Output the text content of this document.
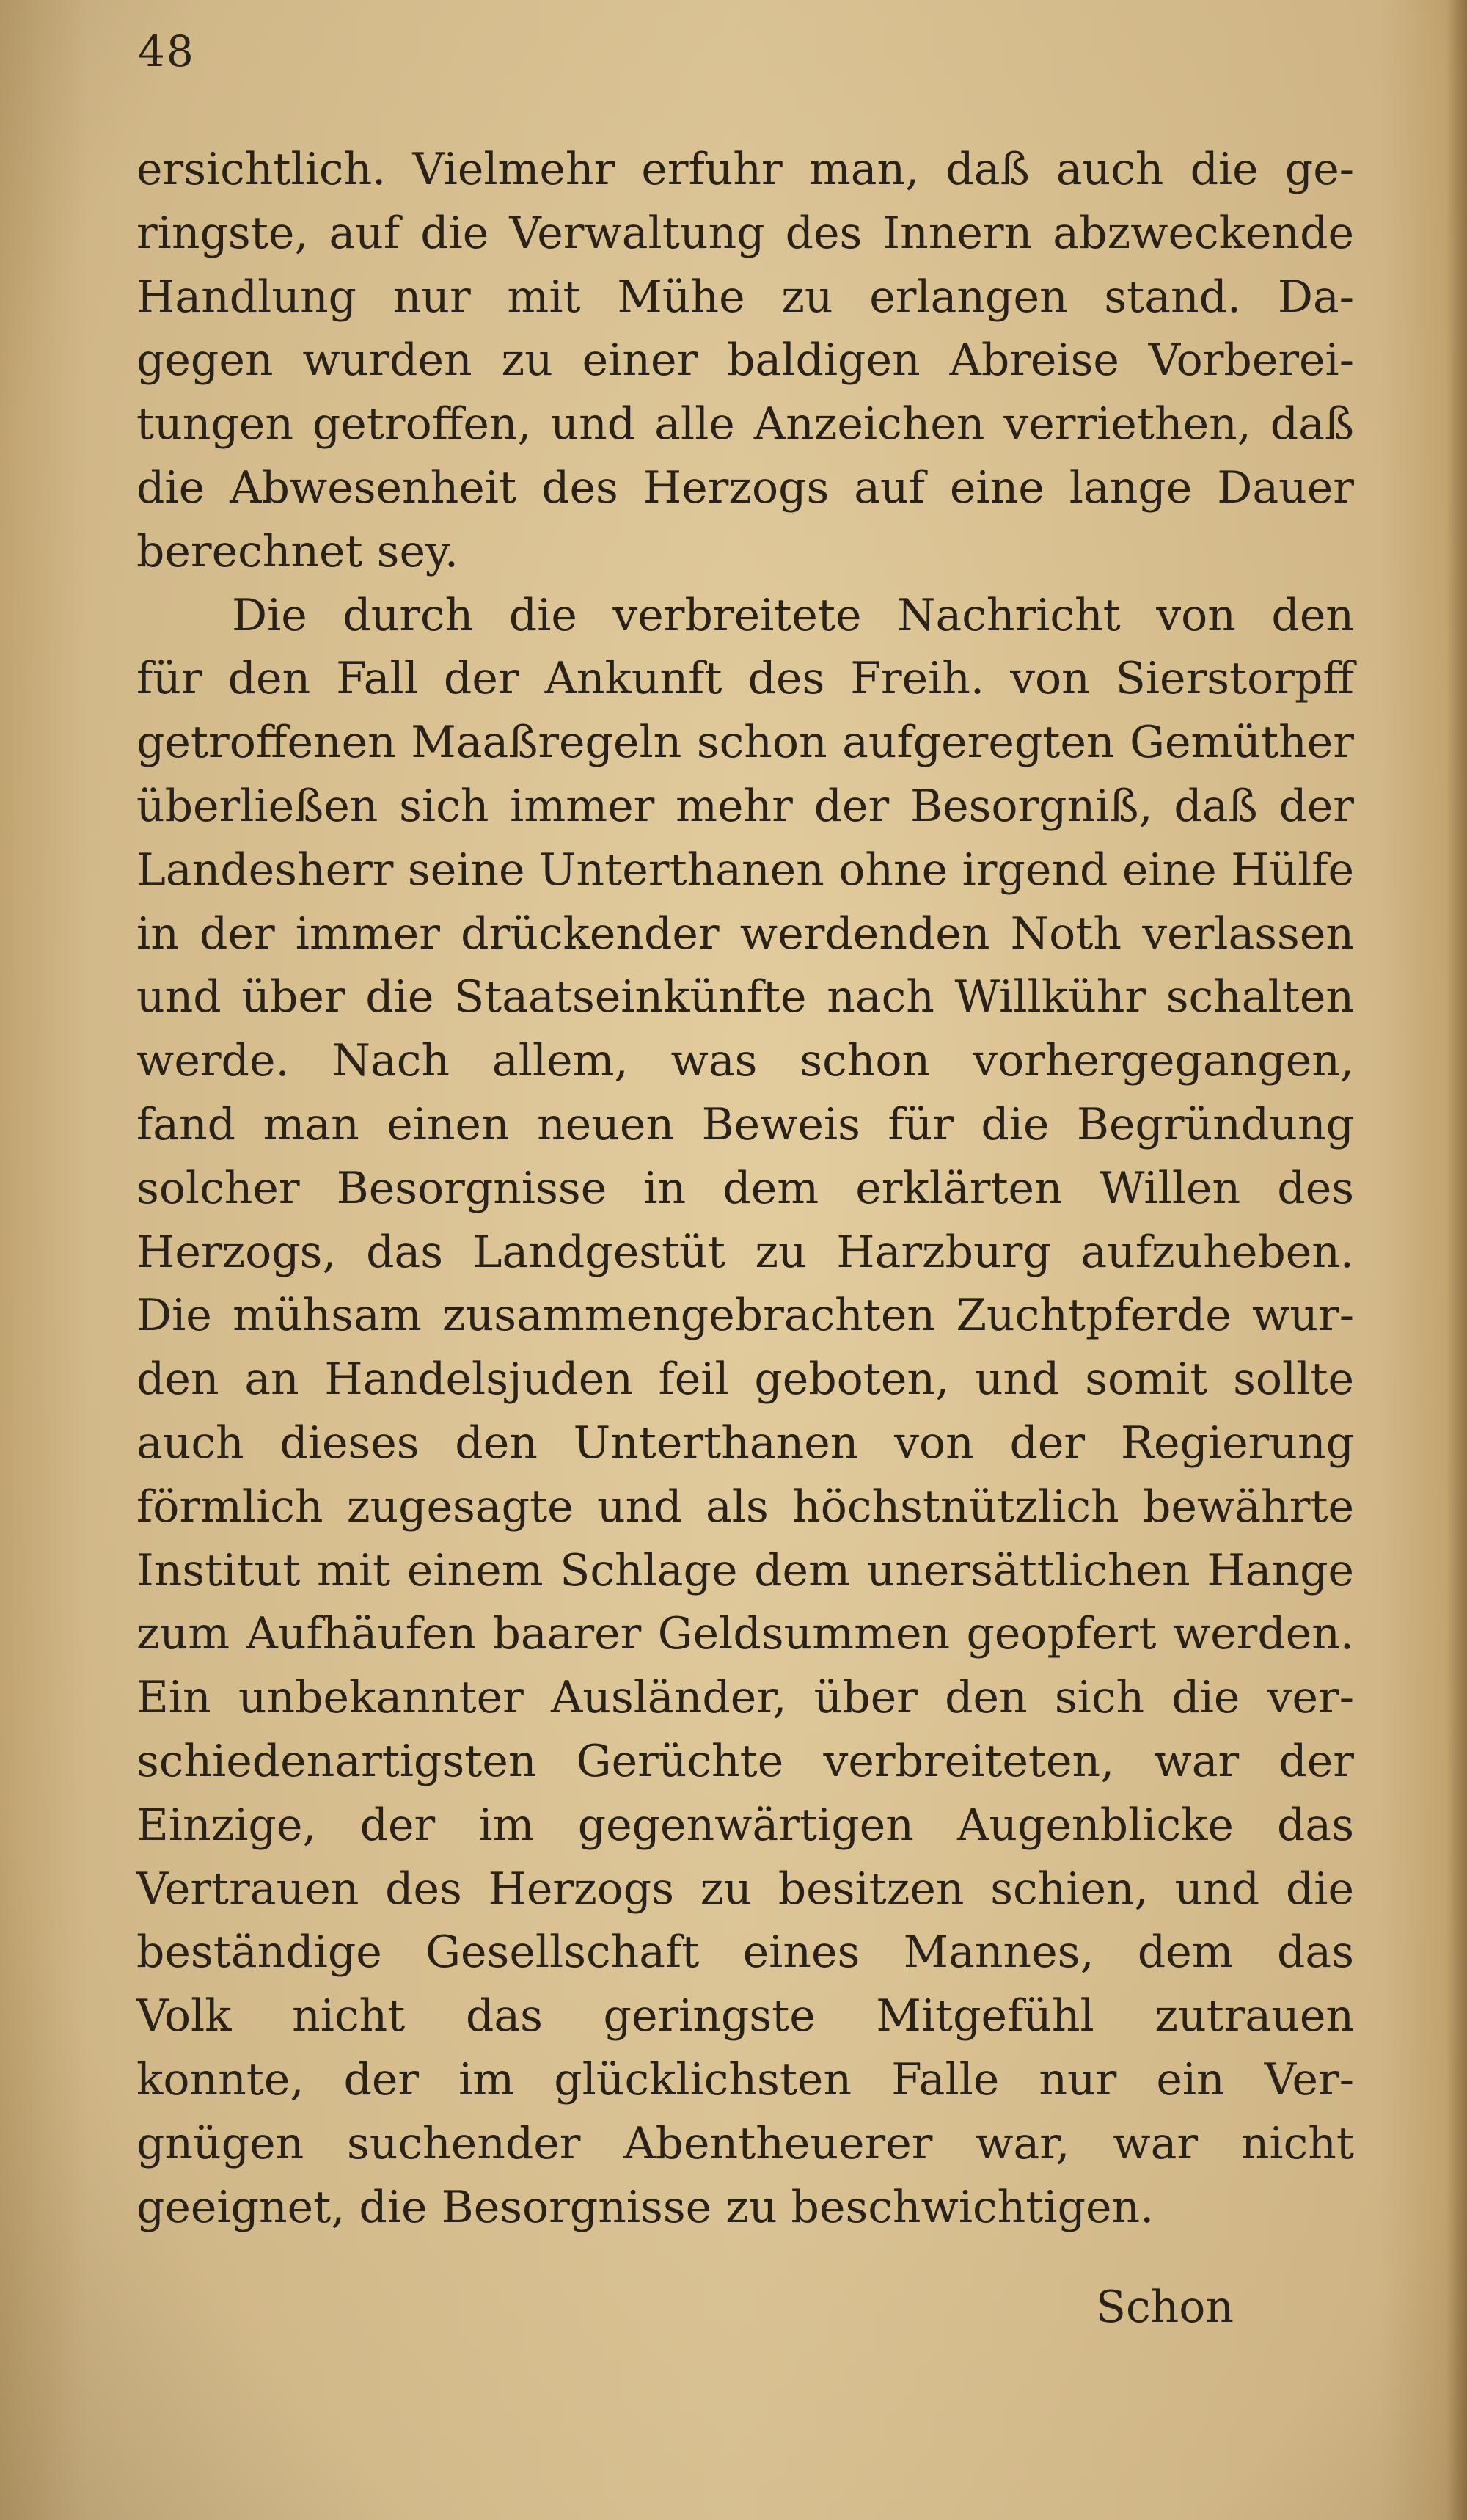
48
ersichtlich. Vielmehr erfuhr man, daß auch die ge-
ringste, auf die Verwaltung des Innern abzweckende
Handlung nur mit Mühe zu erlangen stand. Da-
gegen wurden zu einer baldigen Abreise Vorberei-
tungen getroffen, und alle Anzeichen verriethen, daß
die Abwesenheit des Herzogs auf eine lange Dauer
berechnet sey.
Die durch die verbreitete Nachricht von den
für den Fall der Ankunft des Freih. von Sierstorpff
getroffenen Maaßregeln schon aufgeregten Gemüther
überließen sich immer mehr der Besorgniß, daß der
Landesherr seine Unterthanen ohne irgend eine Hülfe
in der immer drückender werdenden Noth verlassen
und über die Staatseinkünfte nach Willkühr schalten
werde. Nach allem, was schon vorhergegangen,
fand man einen neuen Beweis für die Begründung
solcher Besorgnisse in dem erklärten Willen des
Herzogs, das Landgestüt zu Harzburg aufzuheben.
Die mühsam zusammengebrachten Zuchtpferde wur-
den an Handelsjuden feil geboten, und somit sollte
auch dieses den Unterthanen von der Regierung
förmlich zugesagte und als höchstnützlich bewährte
Institut mit einem Schlage dem unersättlichen Hange
zum Aufhäufen baarer Geldsummen geopfert werden.
Ein unbekannter Ausländer, über den sich die ver-
schiedenartigsten Gerüchte verbreiteten, war der
Einzige, der im gegenwärtigen Augenblicke das
Vertrauen des Herzogs zu besitzen schien, und die
beständige Gesellschaft eines Mannes, dem das
Volk nicht das geringste Mitgefühl zutrauen
konnte, der im glücklichsten Falle nur ein Ver-
gnügen suchender Abentheuerer war, war nicht
geeignet, die Besorgnisse zu beschwichtigen.
Schon
